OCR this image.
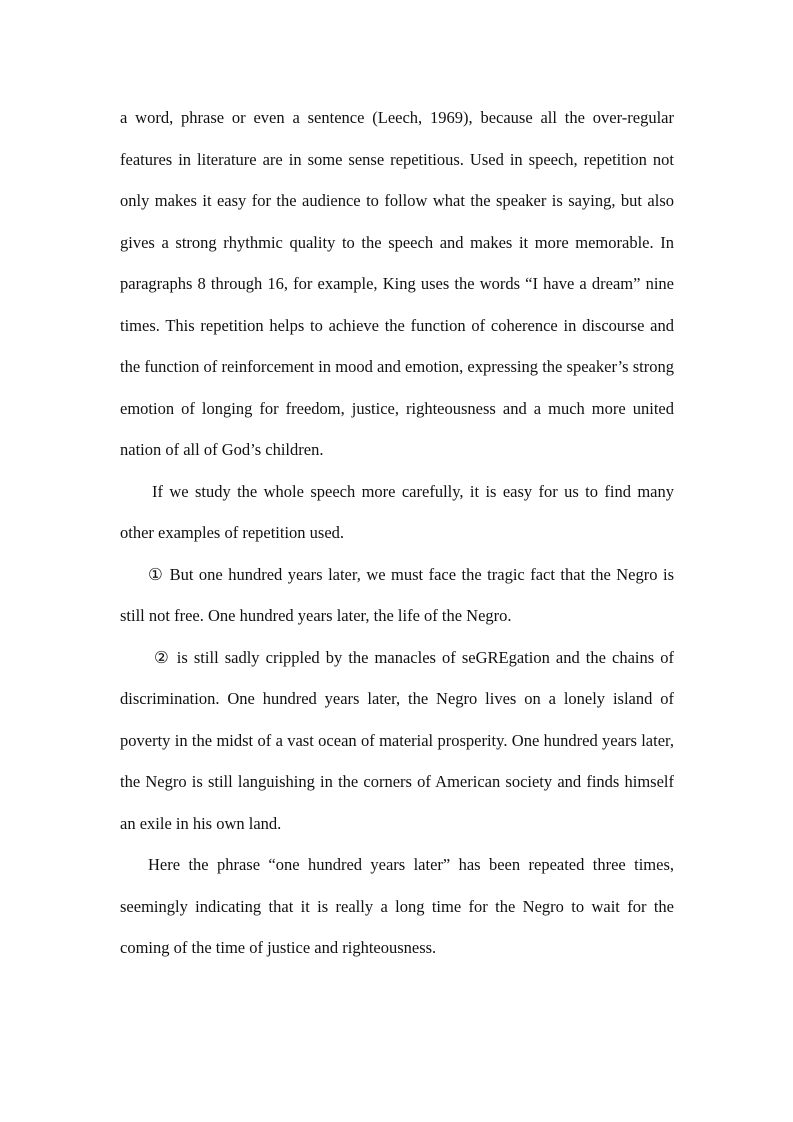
a word, phrase or even a sentence (Leech, 1969), because all the over-regular features in literature are in some sense repetitious. Used in speech, repetition not only makes it easy for the audience to follow what the speaker is saying, but also gives a strong rhythmic quality to the speech and makes it more memorable. In paragraphs 8 through 16, for example, King uses the words “I have a dream” nine times. This repetition helps to achieve the function of coherence in discourse and the function of reinforcement in mood and emotion, expressing the speaker’s strong emotion of longing for freedom, justice, righteousness and a much more united nation of all of God’s children.

If we study the whole speech more carefully, it is easy for us to find many other examples of repetition used.

① But one hundred years later, we must face the tragic fact that the Negro is still not free. One hundred years later, the life of the Negro.

② is still sadly crippled by the manacles of seGREgation and the chains of discrimination. One hundred years later, the Negro lives on a lonely island of poverty in the midst of a vast ocean of material prosperity. One hundred years later, the Negro is still languishing in the corners of American society and finds himself an exile in his own land.

Here the phrase “one hundred years later” has been repeated three times, seemingly indicating that it is really a long time for the Negro to wait for the coming of the time of justice and righteousness.
